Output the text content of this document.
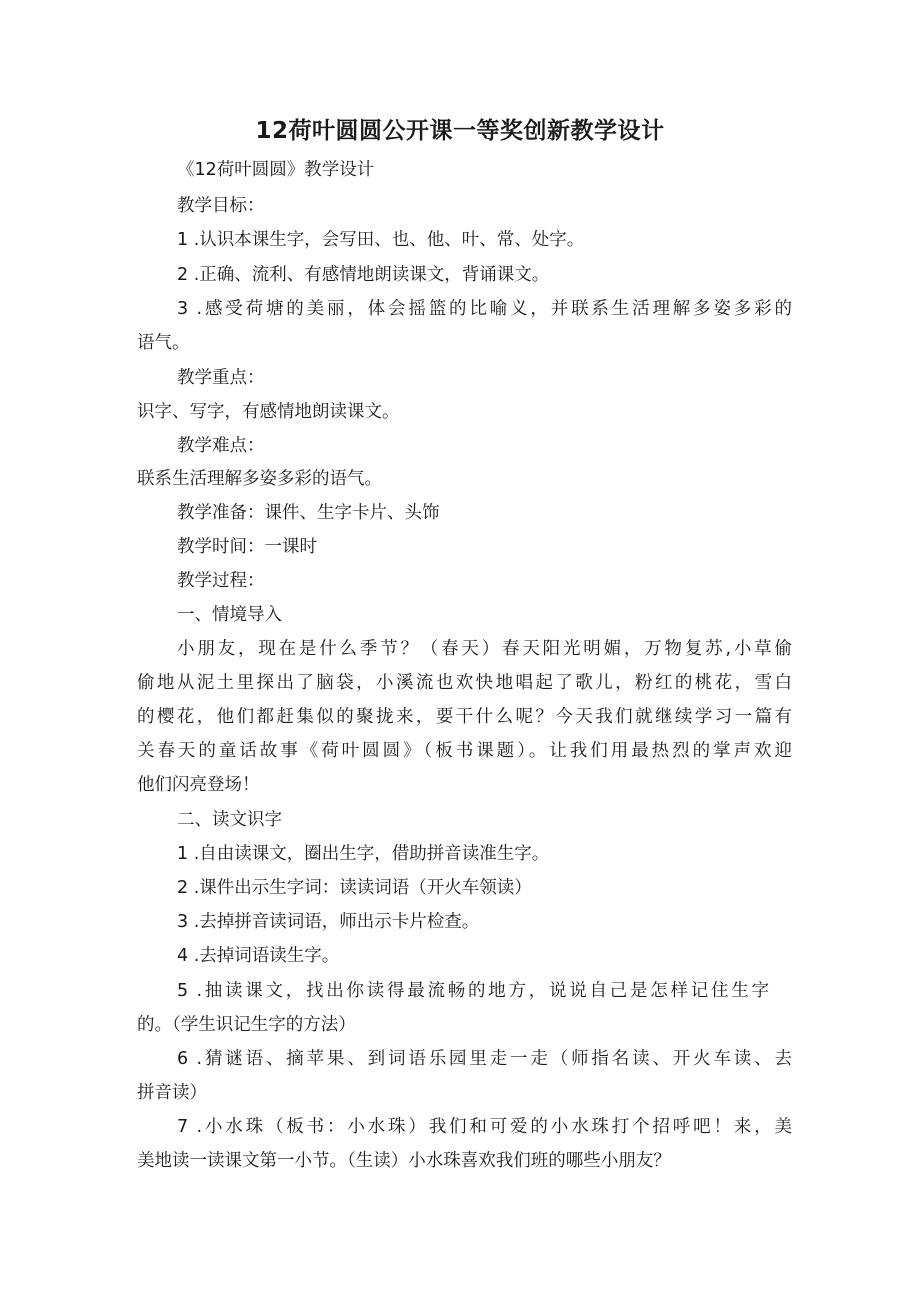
12荷叶圆圆公开课一等奖创新教学设计
《12荷叶圆圆》教学设计
教学目标：
1 .认识本课生字，会写田、也、他、叶、常、处字。
2 .正确、流利、有感情地朗读课文，背诵课文。
3 .感受荷塘的美丽，体会摇篮的比喻义，并联系生活理解多姿多彩的
语气。
教学重点：
识字、写字，有感情地朗读课文。
教学难点：
联系生活理解多姿多彩的语气。
教学准备：课件、生字卡片、头饰
教学时间：一课时
教学过程：
一、情境导入
小朋友，现在是什么季节？（春天）春天阳光明媚，万物复苏,小草偷
偷地从泥土里探出了脑袋，小溪流也欢快地唱起了歌儿，粉红的桃花，雪白
的樱花，他们都赶集似的聚拢来，要干什么呢？今天我们就继续学习一篇有
关春天的童话故事《荷叶圆圆》（板书课题）。让我们用最热烈的掌声欢迎
他们闪亮登场！
二、读文识字
1 .自由读课文，圈出生字，借助拼音读准生字。
2 .课件出示生字词：读读词语（开火车领读）
3 .去掉拼音读词语，师出示卡片检查。
4 .去掉词语读生字。
5 .抽读课文，找出你读得最流畅的地方，说说自己是怎样记住生字
的。（学生识记生字的方法）
6 .猜谜语、摘苹果、到词语乐园里走一走（师指名读、开火车读、去
拼音读）
7 .小水珠（板书：小水珠）我们和可爱的小水珠打个招呼吧！来，美
美地读一读课文第一小节。（生读）小水珠喜欢我们班的哪些小朋友？
